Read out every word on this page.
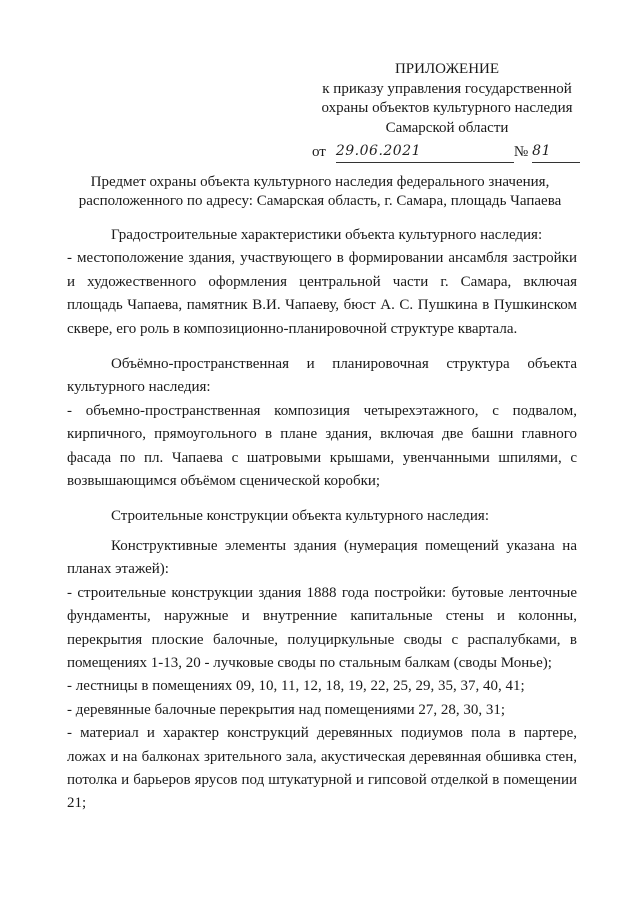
ПРИЛОЖЕНИЕ
к приказу управления государственной
охраны объектов культурного наследия
Самарской области
от 29.06.2021	№ 81
Предмет охраны объекта культурного наследия федерального значения,
расположенного по адресу: Самарская область, г. Самара, площадь Чапаева

Градостроительные характеристики объекта культурного наследия:

- местоположение здания, участвующего в формировании ансамбля застройки и художественного оформления центральной части г. Самара, включая площадь Чапаева, памятник В.И. Чапаеву, бюст А. С. Пушкина в Пушкинском сквере, его роль в композиционно-планировочной структуре квартала.

Объёмно-пространственная и планировочная структура объекта культурного наследия:

- объемно-пространственная композиция четырехэтажного, с подвалом, кирпичного, прямоугольного в плане здания, включая две башни главного фасада по пл. Чапаева с шатровыми крышами, увенчанными шпилями, с возвышающимся объёмом сценической коробки;

Строительные конструкции объекта культурного наследия:

Конструктивные элементы здания (нумерация помещений указана на планах этажей):

- строительные конструкции здания 1888 года постройки: бутовые ленточные фундаменты, наружные и внутренние капитальные стены и колонны, перекрытия плоские балочные, полуциркульные своды с распалубками, в помещениях 1-13, 20 - лучковые своды по стальным балкам (своды Монье);

- лестницы в помещениях 09, 10, 11, 12, 18, 19, 22, 25, 29, 35, 37, 40, 41;

- деревянные балочные перекрытия над помещениями 27, 28, 30, 31;

- материал и характер конструкций деревянных подиумов пола в партере, ложах и на балконах зрительного зала, акустическая деревянная обшивка стен, потолка и барьеров ярусов под штукатурной и гипсовой отделкой в помещении 21;
